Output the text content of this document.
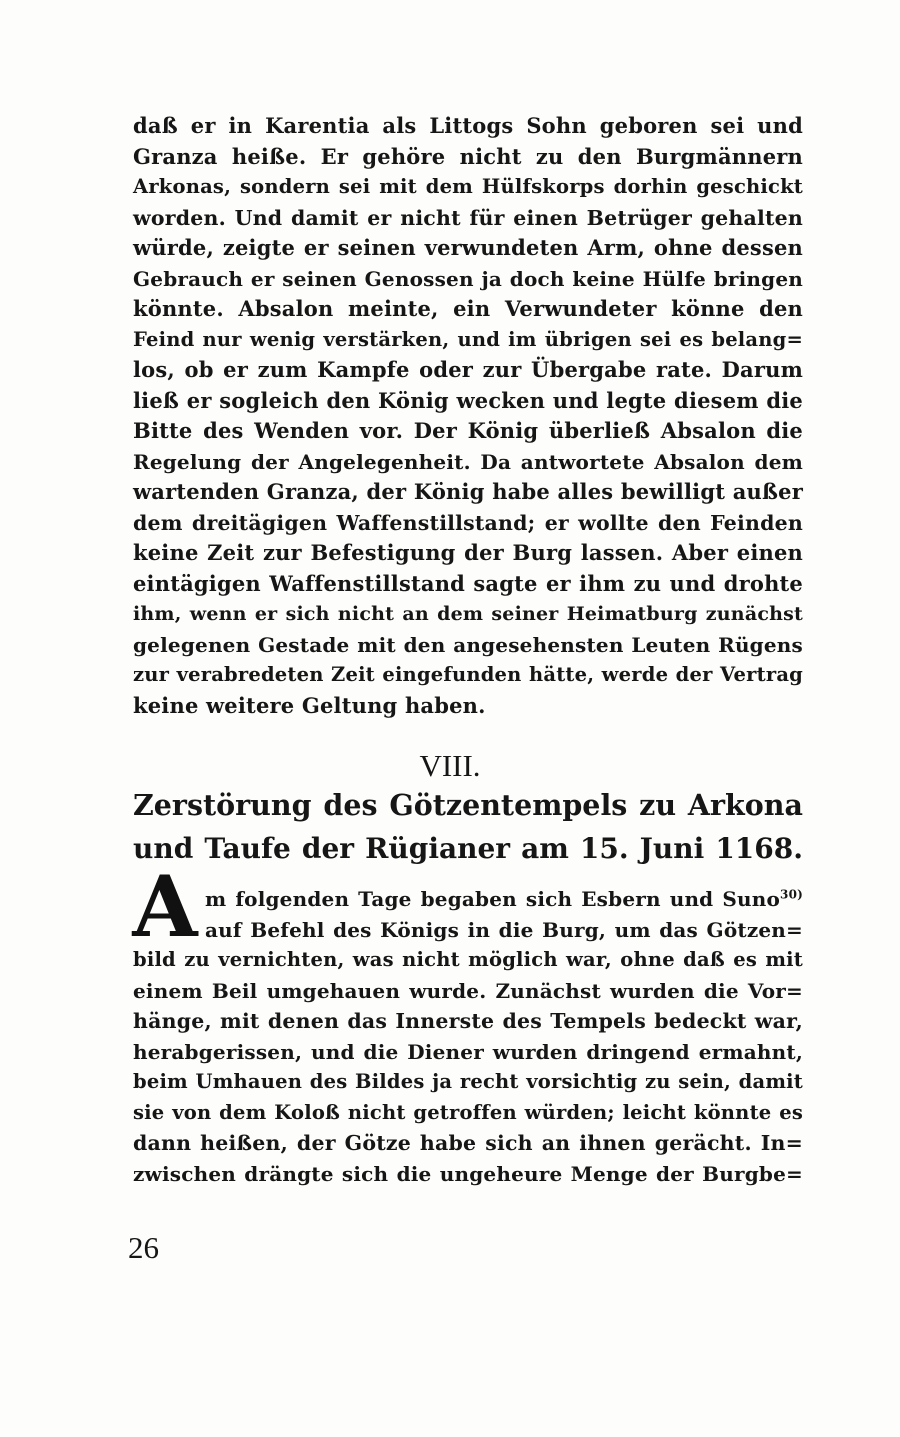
daß er in Karentia als Littogs Sohn geboren sei und
Granza heiße. Er gehöre nicht zu den Burgmännern
Arkonas, sondern sei mit dem Hülfskorps dorhin geschickt
worden. Und damit er nicht für einen Betrüger gehalten
würde, zeigte er seinen verwundeten Arm, ohne dessen
Gebrauch er seinen Genossen ja doch keine Hülfe bringen
könnte. Absalon meinte, ein Verwundeter könne den
Feind nur wenig verstärken, und im übrigen sei es belang=
los, ob er zum Kampfe oder zur Übergabe rate. Darum
ließ er sogleich den König wecken und legte diesem die
Bitte des Wenden vor. Der König überließ Absalon die
Regelung der Angelegenheit. Da antwortete Absalon dem
wartenden Granza, der König habe alles bewilligt außer
dem dreitägigen Waffenstillstand; er wollte den Feinden
keine Zeit zur Befestigung der Burg lassen. Aber einen
eintägigen Waffenstillstand sagte er ihm zu und drohte
ihm, wenn er sich nicht an dem seiner Heimatburg zunächst
gelegenen Gestade mit den angesehensten Leuten Rügens
zur verabredeten Zeit eingefunden hätte, werde der Vertrag
keine weitere Geltung haben.
VIII.
Zerstörung des Götzentempels zu Arkona
und Taufe der Rügianer am 15. Juni 1168.
A m folgenden Tage begaben sich Esbern und Suno$^{30)}$
auf Befehl des Königs in die Burg, um das Götzen=
bild zu vernichten, was nicht möglich war, ohne daß es mit
einem Beil umgehauen wurde. Zunächst wurden die Vor=
hänge, mit denen das Innerste des Tempels bedeckt war,
herabgerissen, und die Diener wurden dringend ermahnt,
beim Umhauen des Bildes ja recht vorsichtig zu sein, damit
sie von dem Koloß nicht getroffen würden; leicht könnte es
dann heißen, der Götze habe sich an ihnen gerächt. In=
zwischen drängte sich die ungeheure Menge der Burgbe=
26
